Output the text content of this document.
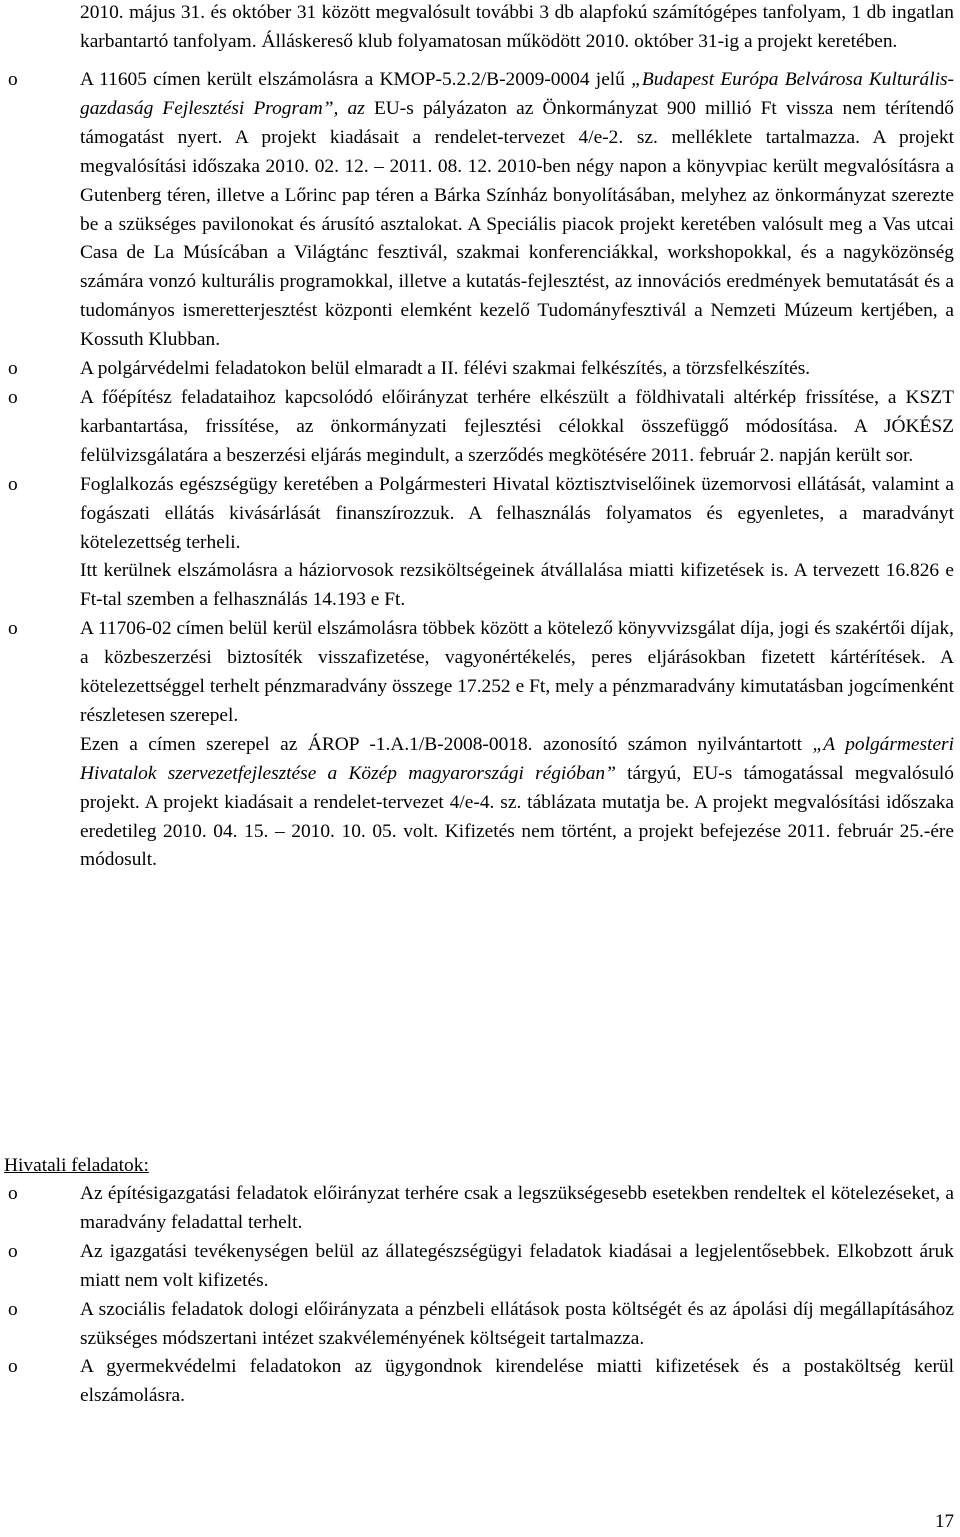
2010. május 31. és október 31 között megvalósult további 3 db alapfokú számítógépes tanfolyam, 1 db ingatlan karbantartó tanfolyam. Álláskereső klub folyamatosan működött 2010. október 31-ig a projekt keretében.

o	A 11605 címen került elszámolásra a KMOP-5.2.2/B-2009-0004 jelű „Budapest Európa Belvárosa Kulturális-gazdaság Fejlesztési Program”, az EU-s pályázaton az Önkormányzat 900 millió Ft vissza nem térítendő támogatást nyert. A projekt kiadásait a rendelet-tervezet 4/e-2. sz. melléklete tartalmazza. A projekt megvalósítási időszaka 2010. 02. 12. – 2011. 08. 12. 2010-ben négy napon a könyvpiac került megvalósításra a Gutenberg téren, illetve a Lőrinc pap téren a Bárka Színház bonyolításában, melyhez az önkormányzat szerezte be a szükséges pavilonokat és árusító asztalokat. A Speciális piacok projekt keretében valósult meg a Vas utcai Casa de La Músícában a Világtánc fesztivál, szakmai konferenciákkal, workshopokkal, és a nagyközönség számára vonzó kulturális programokkal, illetve a kutatás-fejlesztést, az innovációs eredmények bemutatását és a tudományos ismeretterjesztést központi elemként kezelő Tudományfesztivál a Nemzeti Múzeum kertjében, a Kossuth Klubban.
o	A polgárvédelmi feladatokon belül elmaradt a II. félévi szakmai felkészítés, a törzsfelkészítés.
o	A főépítész feladataihoz kapcsolódó előirányzat terhére elkészült a földhivatali altérkép frissítése, a KSZT karbantartása, frissítése, az önkormányzati fejlesztési célokkal összefüggő módosítása. A JÓKÉSZ felülvizsgálatára a beszerzési eljárás megindult, a szerződés megkötésére 2011. február 2. napján került sor.
o	Foglalkozás egészségügy keretében a Polgármesteri Hivatal köztisztviselőinek üzemorvosi ellátását, valamint a fogászati ellátás kivásárlását finanszírozzuk. A felhasználás folyamatos és egyenletes, a maradványt kötelezettség terheli.
Itt kerülnek elszámolásra a háziorvosok rezsiköltségeinek átvállalása miatti kifizetések is. A tervezett 16.826 e Ft-tal szemben a felhasználás 14.193 e Ft.
o	A 11706-02 címen belül kerül elszámolásra többek között a kötelező könyvvizsgálat díja, jogi és szakértői díjak, a közbeszerzési biztosíték visszafizetése, vagyonértékelés, peres eljárásokban fizetett kártérítések. A kötelezettséggel terhelt pénzmaradvány összege 17.252 e Ft, mely a pénzmaradvány kimutatásban jogcímenként részletesen szerepel.
Ezen a címen szerepel az ÁROP -1.A.1/B-2008-0018. azonosító számon nyilvántartott „A polgármesteri Hivatalok szervezetfejlesztése a Közép magyarországi régióban” tárgyú, EU-s támogatással megvalósuló projekt. A projekt kiadásait a rendelet-tervezet 4/e-4. sz. táblázata mutatja be. A projekt megvalósítási időszaka eredetileg 2010. 04. 15. – 2010. 10. 05. volt. Kifizetés nem történt, a projekt befejezése 2011. február 25.-ére módosult.
Hivatali feladatok:
o	Az építésigazgatási feladatok előirányzat terhére csak a legszükségesebb esetekben rendeltek el kötelezéseket, a maradvány feladattal terhelt.
o	Az igazgatási tevékenységen belül az állategészségügyi feladatok kiadásai a legjelentősebbek. Elkobzott áruk miatt nem volt kifizetés.
o	A szociális feladatok dologi előirányzata a pénzbeli ellátások posta költségét és az ápolási díj megállapításához szükséges módszertani intézet szakvéleményének költségeit tartalmazza.
o	A gyermekvédelmi feladatokon az ügygondnok kirendelése miatti kifizetések és a postaköltség kerül elszámolásra.
17
